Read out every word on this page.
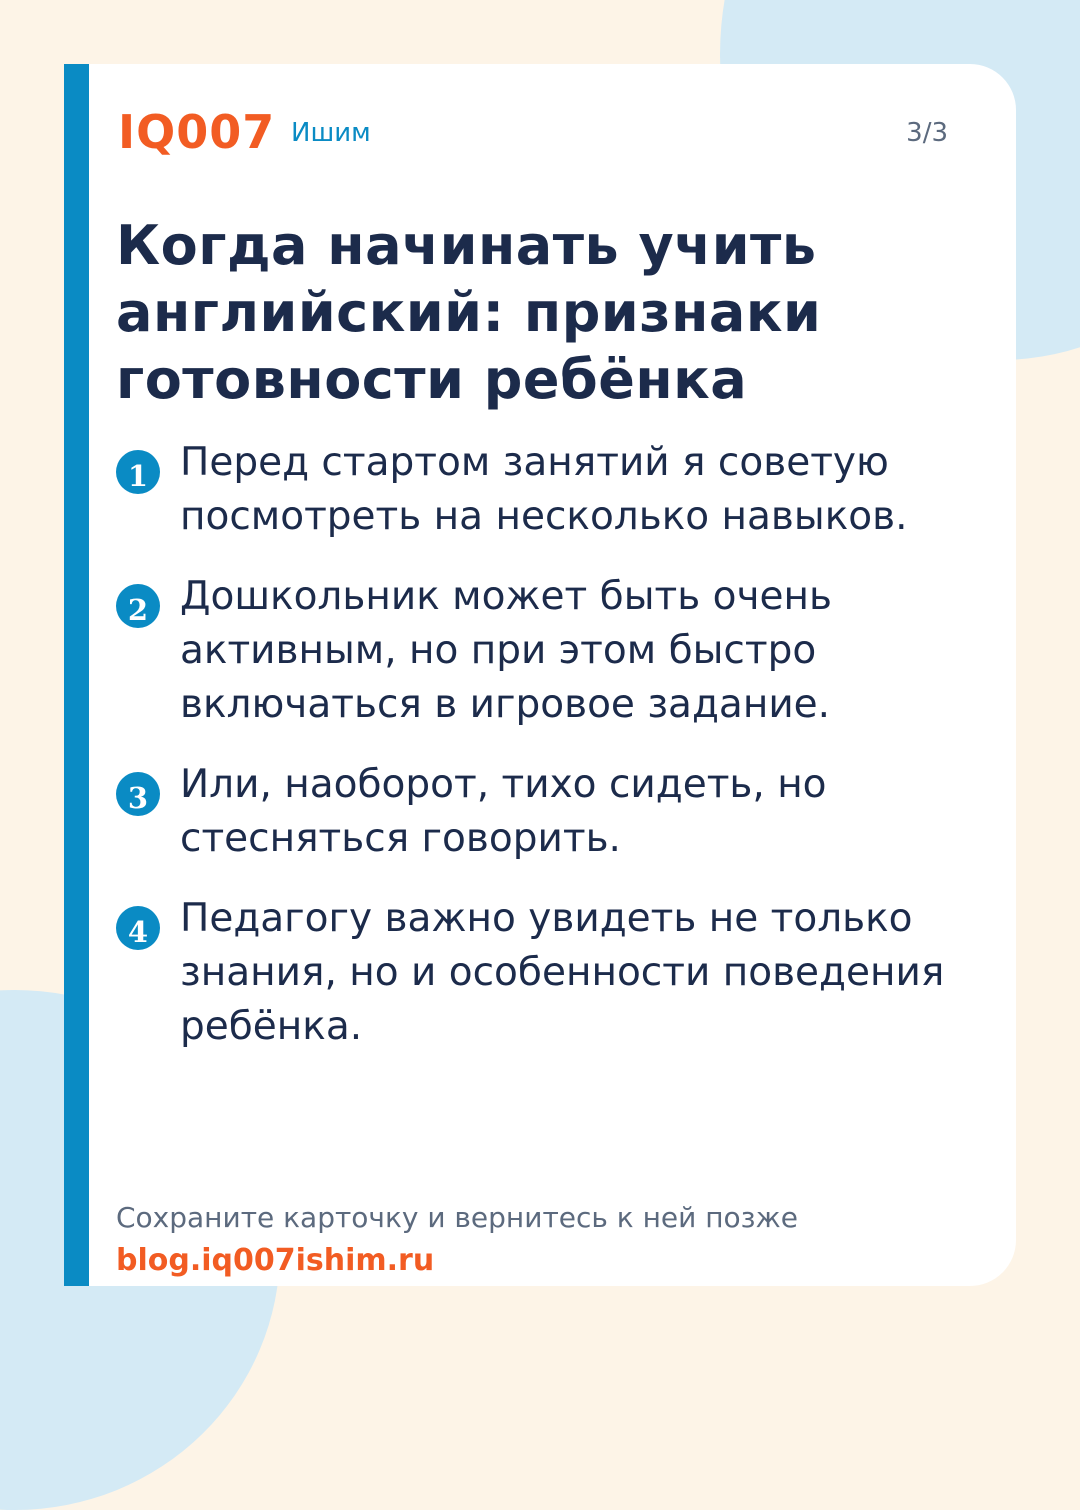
IQ007 Ишим	3/3
Когда начинать учить английский: признаки готовности ребёнка
1 Перед стартом занятий я советую посмотреть на несколько навыков.
2 Дошкольник может быть очень активным, но при этом быстро включаться в игровое задание.
3 Или, наоборот, тихо сидеть, но стесняться говорить.
4 Педагогу важно увидеть не только знания, но и особенности поведения ребёнка.
Сохраните карточку и вернитесь к ней позже
blog.iq007ishim.ru
